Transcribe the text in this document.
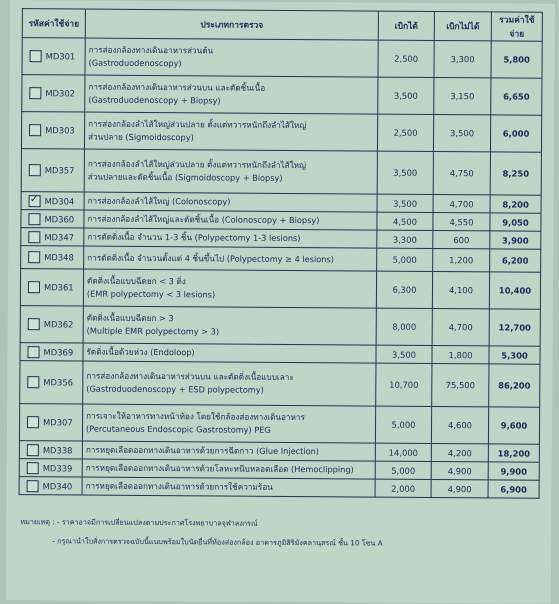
รหัสค่าใช้จ่าย	ประเภทการตรวจ	เบิกได้	เบิกไม่ได้	รวมค่าใช้จ่าย
MD301	การส่องกล้องทางเดินอาหารส่วนต้น
(Gastroduodenoscopy)	2,500	3,300	5,800
MD302	การส่องกล้องทางเดินอาหารส่วนบน และตัดชิ้นเนื้อ
(Gastroduodenoscopy + Biopsy)	3,500	3,150	6,650
MD303	การส่องกล้องลำไส้ใหญ่ส่วนปลาย ตั้งแต่ทวารหนักถึงลำไส้ใหญ่
ส่วนปลาย (Sigmoidoscopy)	2,500	3,500	6,000
MD357	การส่องกล้องลำไส้ใหญ่ส่วนปลาย ตั้งแต่ทวารหนักถึงลำไส้ใหญ่
ส่วนปลายและตัดชิ้นเนื้อ (Sigmoidoscopy + Biopsy)	3,500	4,750	8,250
✓MD304	การส่องกล้องลำไส้ใหญ่ (Colonoscopy)	3,500	4,700	8,200
MD360	การส่องกล้องลำไส้ใหญ่และตัดชิ้นเนื้อ (Colonoscopy + Biopsy)	4,500	4,550	9,050
MD347	การตัดติ่งเนื้อ จำนวน 1-3 ชิ้น (Polypectomy 1-3 lesions)	3,300	600	3,900
MD348	การตัดติ่งเนื้อ จำนวนตั้งแต่ 4 ชิ้นขึ้นไป (Polypectomy ≥ 4 lesions)	5,000	1,200	6,200
MD361	ตัดติ่งเนื้อแบบฉีดยก < 3 ติ่ง
(EMR polypectomy < 3 lesions)	6,300	4,100	10,400
MD362	ตัดติ่งเนื้อแบบฉีดยก > 3
(Multiple EMR polypectomy > 3)	8,000	4,700	12,700
MD369	รัดติ่งเนื้อด้วยห่วง (Endoloop)	3,500	1,800	5,300
MD356	การส่องกล้องทางเดินอาหารส่วนบน และตัดติ่งเนื้อแบบเลาะ
(Gastroduodenoscopy + ESD polypectomy)	10,700	75,500	86,200
MD307	การเจาะให้อาหารทางหน้าท้อง โดยใช้กล้องส่องทางเดินอาหาร
(Percutaneous Endoscopic Gastrostomy) PEG	5,000	4,600	9,600
MD338	การหยุดเลือดออกทางเดินอาหารด้วยการฉีดกาว (Glue Injection)	14,000	4,200	18,200
MD339	การหยุดเลือดออกทางเดินอาหารด้วยโลหะหนีบหลอดเลือด (Hemoclipping)	5,000	4,900	9,900
MD340	การหยุดเลือดออกทางเดินอาหารด้วยการใช้ความร้อน	2,000	4,900	6,900
หมายเหตุ : - ราคาอาจมีการเปลี่ยนแปลงตามประกาศโรงพยาบาลจุฬาลงกรณ์
- กรุณานำใบสั่งการตรวจฉบับนี้แนบพร้อมใบนัดยื่นที่ห้องส่องกล้อง อาคารภูมิสิริมังคลานุสรณ์ ชั้น 10 โซน A
